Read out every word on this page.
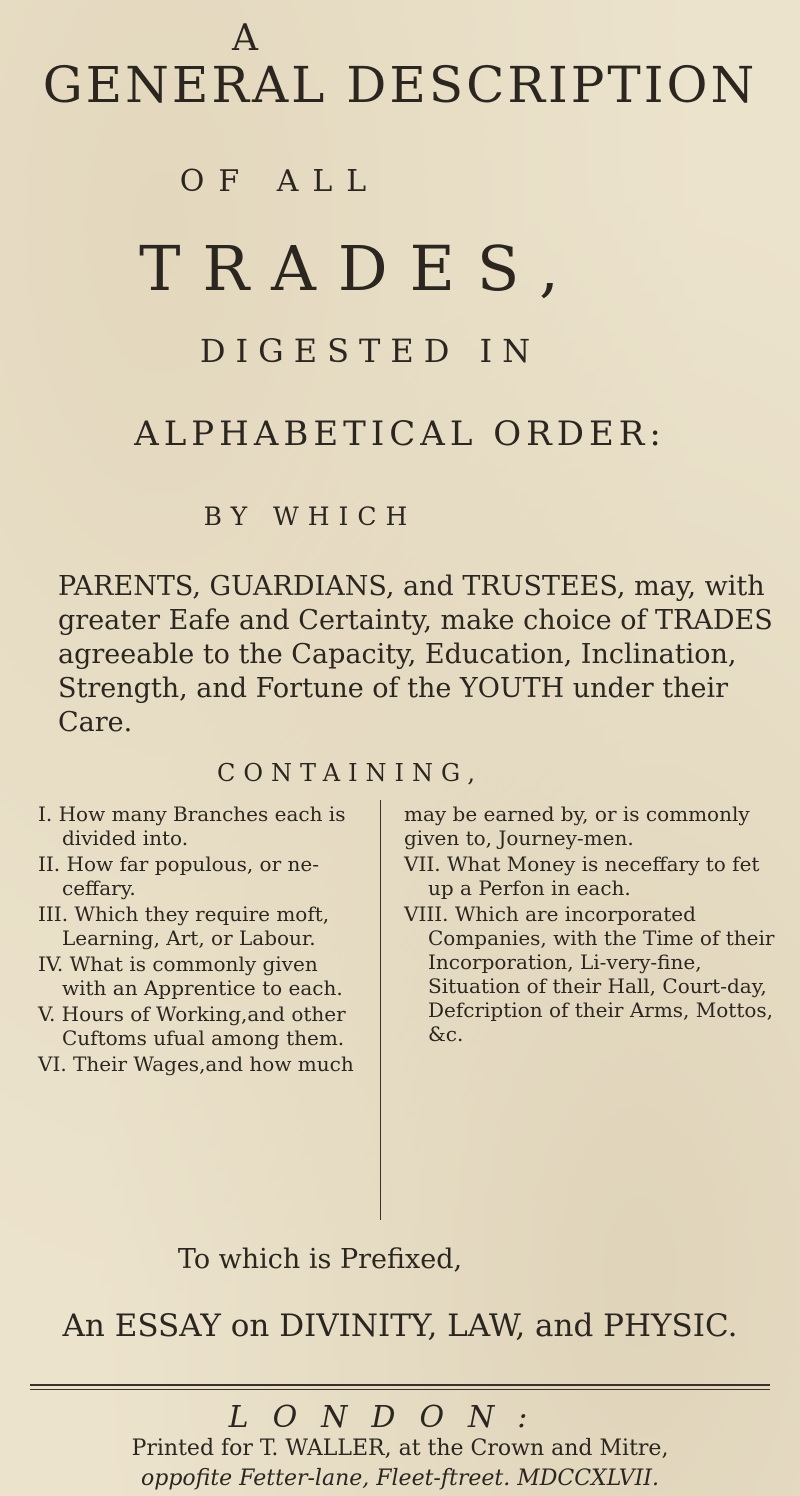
A
GENERAL DESCRIPTION
OF ALL
TRADES,
DIGESTED IN
ALPHABETICAL ORDER:
BY WHICH
PARENTS, GUARDIANS, and TRUSTEES, may, with greater Eafe and Certainty, make choice of TRADES agreeable to the Capacity, Education, Inclination, Strength, and Fortune of the YOUTH under their Care.
CONTAINING,
I. How many Branches each is divided into.
II. How far populous, or ne-ceffary.
III. Which they require moft, Learning, Art, or Labour.
IV. What is commonly given with an Apprentice to each.
V. Hours of Working,and other Cuftoms ufual among them.
VI. Their Wages,and how much
may be earned by, or is commonly given to, Journey-men.
VII. What Money is neceffary to fet up a Perfon in each.
VIII. Which are incorporated Companies, with the Time of their Incorporation, Li-very-fine, Situation of their Hall, Court-day, Defcription of their Arms, Mottos, &c.
To which is Prefixed,
An ESSAY on DIVINITY, LAW, and PHYSIC.
LONDON:
Printed for T. WALLER, at the Crown and Mitre,
oppofite Fetter-lane, Fleet-ftreet. MDCCXLVII.
